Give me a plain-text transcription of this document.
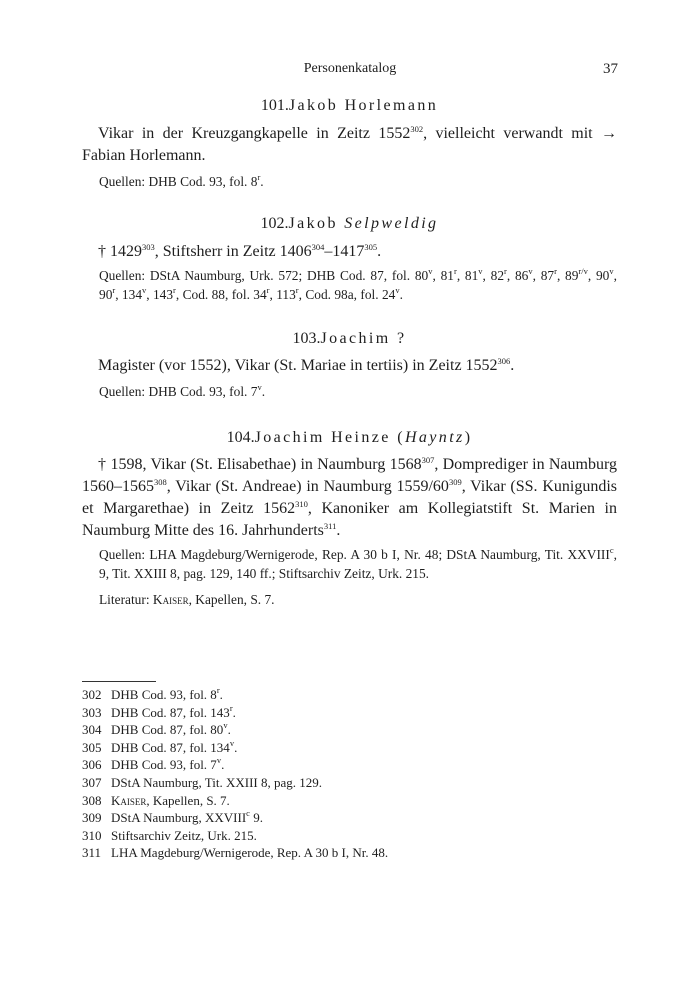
Personenkatalog	37
101.Jakob Horlemann

Vikar in der Kreuzgangkapelle in Zeitz 1552$^{302}$, vielleicht verwandt mit → Fabian Horlemann.

Quellen: DHB Cod. 93, fol. 8$^r$.

102.Jakob Selpweldig

† 1429$^{303}$, Stiftsherr in Zeitz 1406$^{304}$–1417$^{305}$.

Quellen: DStA Naumburg, Urk. 572; DHB Cod. 87, fol. 80$^v$, 81$^r$, 81$^v$, 82$^r$, 86$^v$, 87$^r$, $89^{r/v}$, 90$^v$, 90$^r$, 134$^v$, 143$^r$, Cod. 88, fol. 34$^r$, 113$^r$, Cod. 98a, fol. 24$^v$.

103.Joachim ?

Magister (vor 1552), Vikar (St. Mariae in tertiis) in Zeitz 1552$^{306}$.

Quellen: DHB Cod. 93, fol. 7$^v$.

104.Joachim Heinze (Hayntz)

† 1598, Vikar (St. Elisabethae) in Naumburg 1568$^{307}$, Domprediger in Naumburg 1560–1565$^{308}$, Vikar (St. Andreae) in Naumburg $1559/60^{309}$, Vikar (SS. Kunigundis et Margarethae) in Zeitz 1562$^{310}$, Kanoniker am Kollegiatstift St. Marien in Naumburg Mitte des 16. Jahrhunderts$^{311}$.

Quellen: LHA Magdeburg/Wernigerode, Rep. A 30 b I, Nr. 48; DStA Naumburg, Tit. XXVIII$^c$, 9, Tit. XXIII 8, pag. 129, 140 ff.; Stiftsarchiv Zeitz, Urk. 215.

Literatur: Kaiser, Kapellen, S. 7.

302 DHB Cod. 93, fol. 8$^r$.
303 DHB Cod. 87, fol. 143$^r$.
304 DHB Cod. 87, fol. 80$^v$.
305 DHB Cod. 87, fol. 134$^v$.
306 DHB Cod. 93, fol. 7$^v$.
307 DStA Naumburg, Tit. XXIII 8, pag. 129.
308 Kaiser, Kapellen, S. 7.
309 DStA Naumburg, XXVIII$^c$ 9.
310 Stiftsarchiv Zeitz, Urk. 215.
311 LHA Magdeburg/Wernigerode, Rep. A 30 b I, Nr. 48.
